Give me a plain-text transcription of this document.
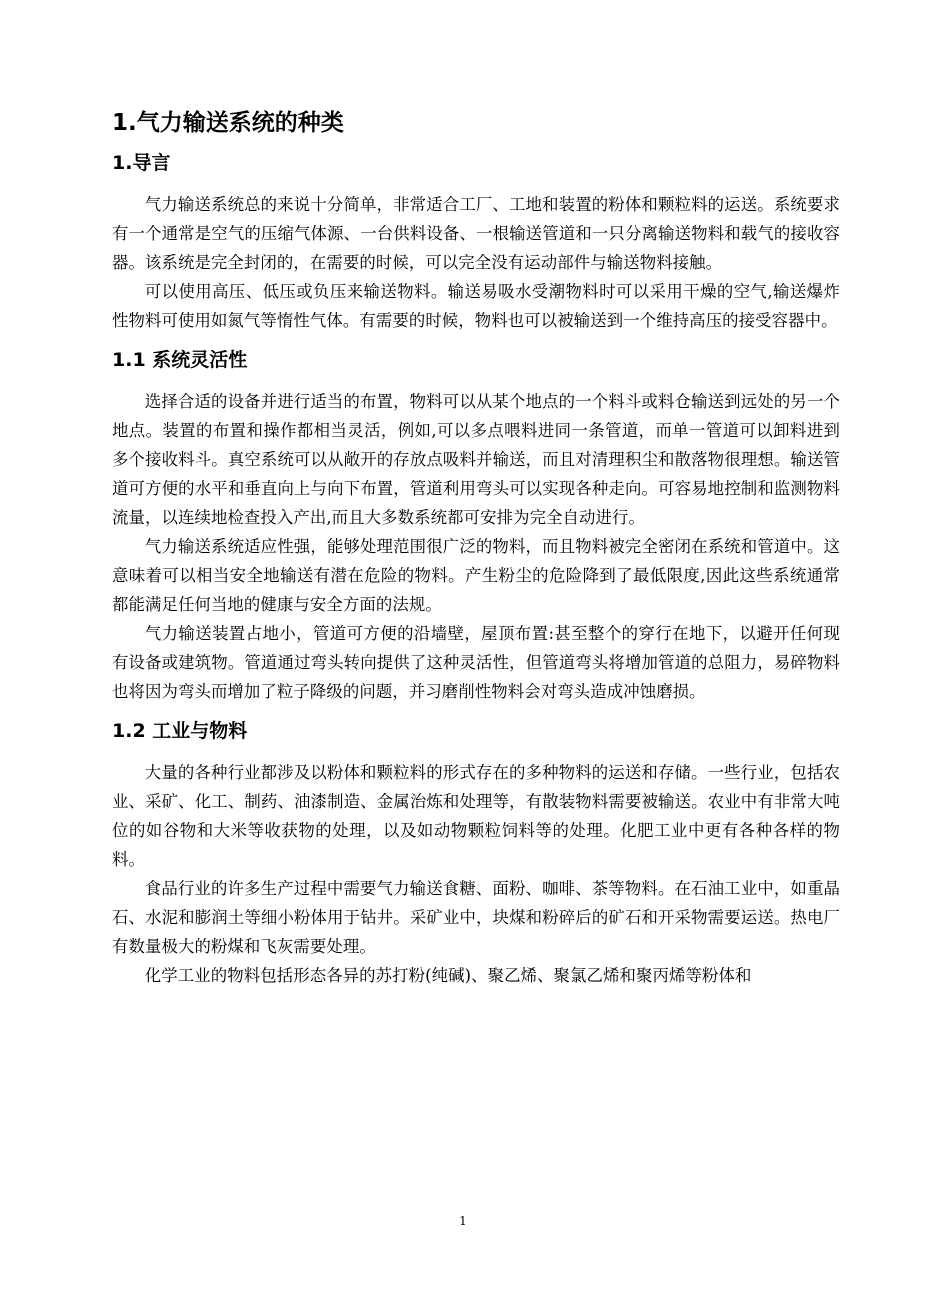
1.气力输送系统的种类
1.导言

气力输送系统总的来说十分简单，非常适合工厂、工地和装置的粉体和颗粒料的运送。系统要求有一个通常是空气的压缩气体源、一台供料设备、一根输送管道和一只分离输送物料和载气的接收容器。该系统是完全封闭的，在需要的时候，可以完全没有运动部件与输送物料接触。

可以使用高压、低压或负压来输送物料。输送易吸水受潮物料时可以采用干燥的空气,输送爆炸性物料可使用如氮气等惰性气体。有需要的时候，物料也可以被输送到一个维持高压的接受容器中。

1.1 系统灵活性

选择合适的设备并进行适当的布置，物料可以从某个地点的一个料斗或料仓输送到远处的另一个地点。装置的布置和操作都相当灵活，例如,可以多点喂料进同一条管道，而单一管道可以卸料进到多个接收料斗。真空系统可以从敞开的存放点吸料并输送，而且对清理积尘和散落物很理想。输送管道可方便的水平和垂直向上与向下布置，管道利用弯头可以实现各种走向。可容易地控制和监测物料流量，以连续地检查投入产出,而且大多数系统都可安排为完全自动进行。

气力输送系统适应性强，能够处理范围很广泛的物料，而且物料被完全密闭在系统和管道中。这意味着可以相当安全地输送有潜在危险的物料。产生粉尘的危险降到了最低限度,因此这些系统通常都能满足任何当地的健康与安全方面的法规。

气力输送装置占地小，管道可方便的沿墙壁，屋顶布置:甚至整个的穿行在地下，以避开任何现有设备或建筑物。管道通过弯头转向提供了这种灵活性，但管道弯头将增加管道的总阻力，易碎物料也将因为弯头而增加了粒子降级的问题，并习磨削性物料会对弯头造成冲蚀磨损。

1.2 工业与物料

大量的各种行业都涉及以粉体和颗粒料的形式存在的多种物料的运送和存储。一些行业，包括农业、采矿、化工、制药、油漆制造、金属治炼和处理等，有散装物料需要被输送。农业中有非常大吨位的如谷物和大米等收获物的处理，以及如动物颗粒饲料等的处理。化肥工业中更有各种各样的物料。

食品行业的许多生产过程中需要气力输送食糖、面粉、咖啡、茶等物料。在石油工业中，如重晶石、水泥和膨润土等细小粉体用于钻井。采矿业中，块煤和粉碎后的矿石和开采物需要运送。热电厂有数量极大的粉煤和飞灰需要处理。

化学工业的物料包括形态各异的苏打粉(纯碱)、聚乙烯、聚氯乙烯和聚丙烯等粉体和

1
